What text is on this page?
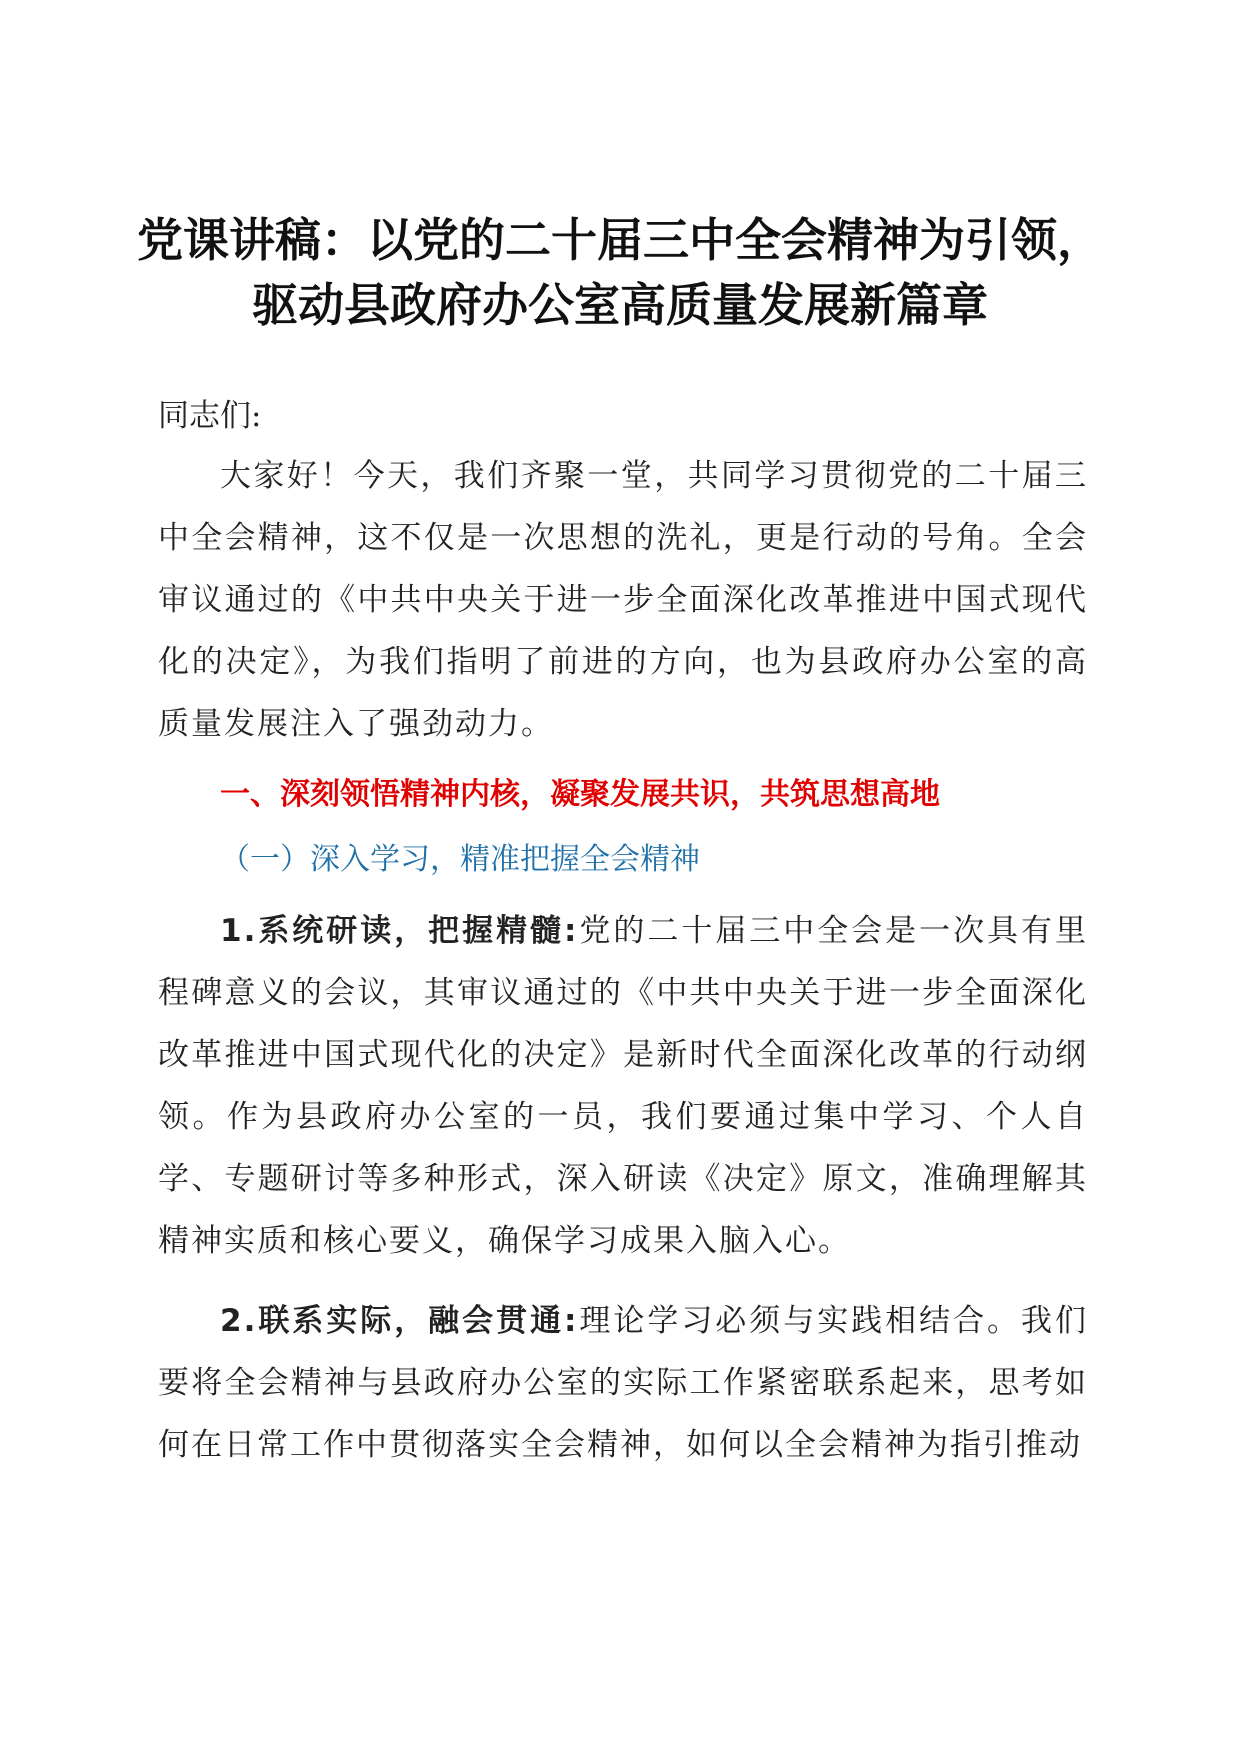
党课讲稿：以党的二十届三中全会精神为引领，
驱动县政府办公室高质量发展新篇章
同志们:
大家好！今天，我们齐聚一堂，共同学习贯彻党的二十届三中全会精神，这不仅是一次思想的洗礼，更是行动的号角。全会审议通过的《中共中央关于进一步全面深化改革推进中国式现代化的决定》，为我们指明了前进的方向，也为县政府办公室的高质量发展注入了强劲动力。
一、深刻领悟精神内核，凝聚发展共识，共筑思想高地
（一）深入学习，精准把握全会精神
1.系统研读，把握精髓:党的二十届三中全会是一次具有里程碑意义的会议，其审议通过的《中共中央关于进一步全面深化改革推进中国式现代化的决定》是新时代全面深化改革的行动纲领。作为县政府办公室的一员，我们要通过集中学习、个人自学、专题研讨等多种形式，深入研读《决定》原文，准确理解其精神实质和核心要义，确保学习成果入脑入心。
2.联系实际，融会贯通:理论学习必须与实践相结合。我们要将全会精神与县政府办公室的实际工作紧密联系起来，思考如何在日常工作中贯彻落实全会精神，如何以全会精神为指引推动
